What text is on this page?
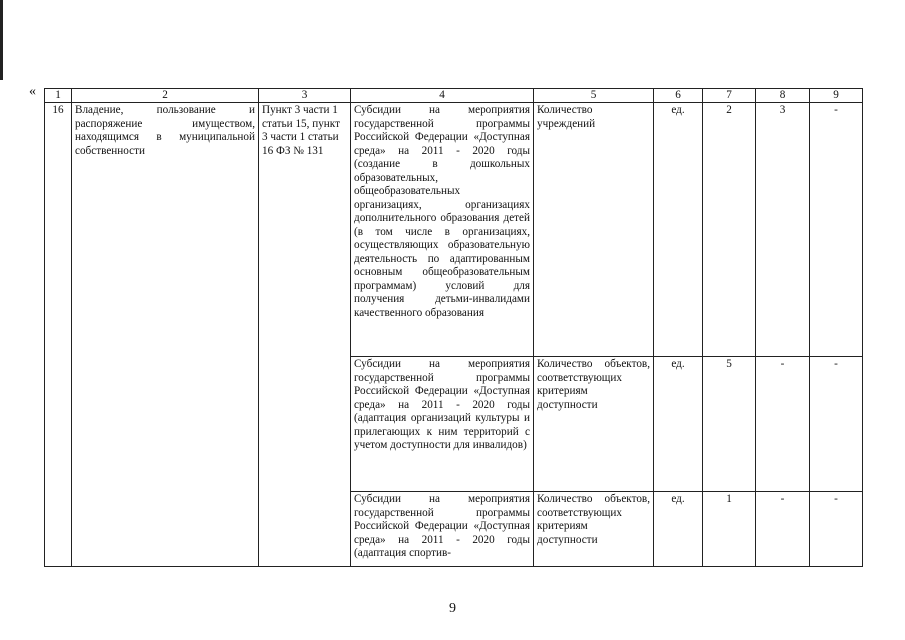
« 1	2	3	4	5	6	7	8	9
16	Владение, пользование и распоряжение имуществом, находящимся в муниципальной собственности	Пункт 3 части 1 статьи 15, пункт 3 части 1 статьи 16 ФЗ № 131	Субсидии на мероприятия государственной программы Российской Федерации «Доступная среда» на 2011 - 2020 годы (создание в дошкольных образовательных, общеобразовательных организациях, организациях дополнительного образования детей (в том числе в организациях, осуществляющих образовательную деятельность по адаптированным основным общеобразовательным программам) условий для получения детьми-инвалидами качественного образования	Количество учреждений	ед.	2	3	-
			Субсидии на мероприятия государственной программы Российской Федерации «Доступная среда» на 2011 - 2020 годы (адаптация организаций культуры и прилегающих к ним территорий с учетом доступности для инвалидов)	Количество объектов, соответствующих критериям доступности	ед.	5	-	-
			Субсидии на мероприятия государственной программы Российской Федерации «Доступная среда» на 2011 - 2020 годы (адаптация спортив-	Количество объектов, соответствующих критериям доступности	ед.	1	-	-
9
